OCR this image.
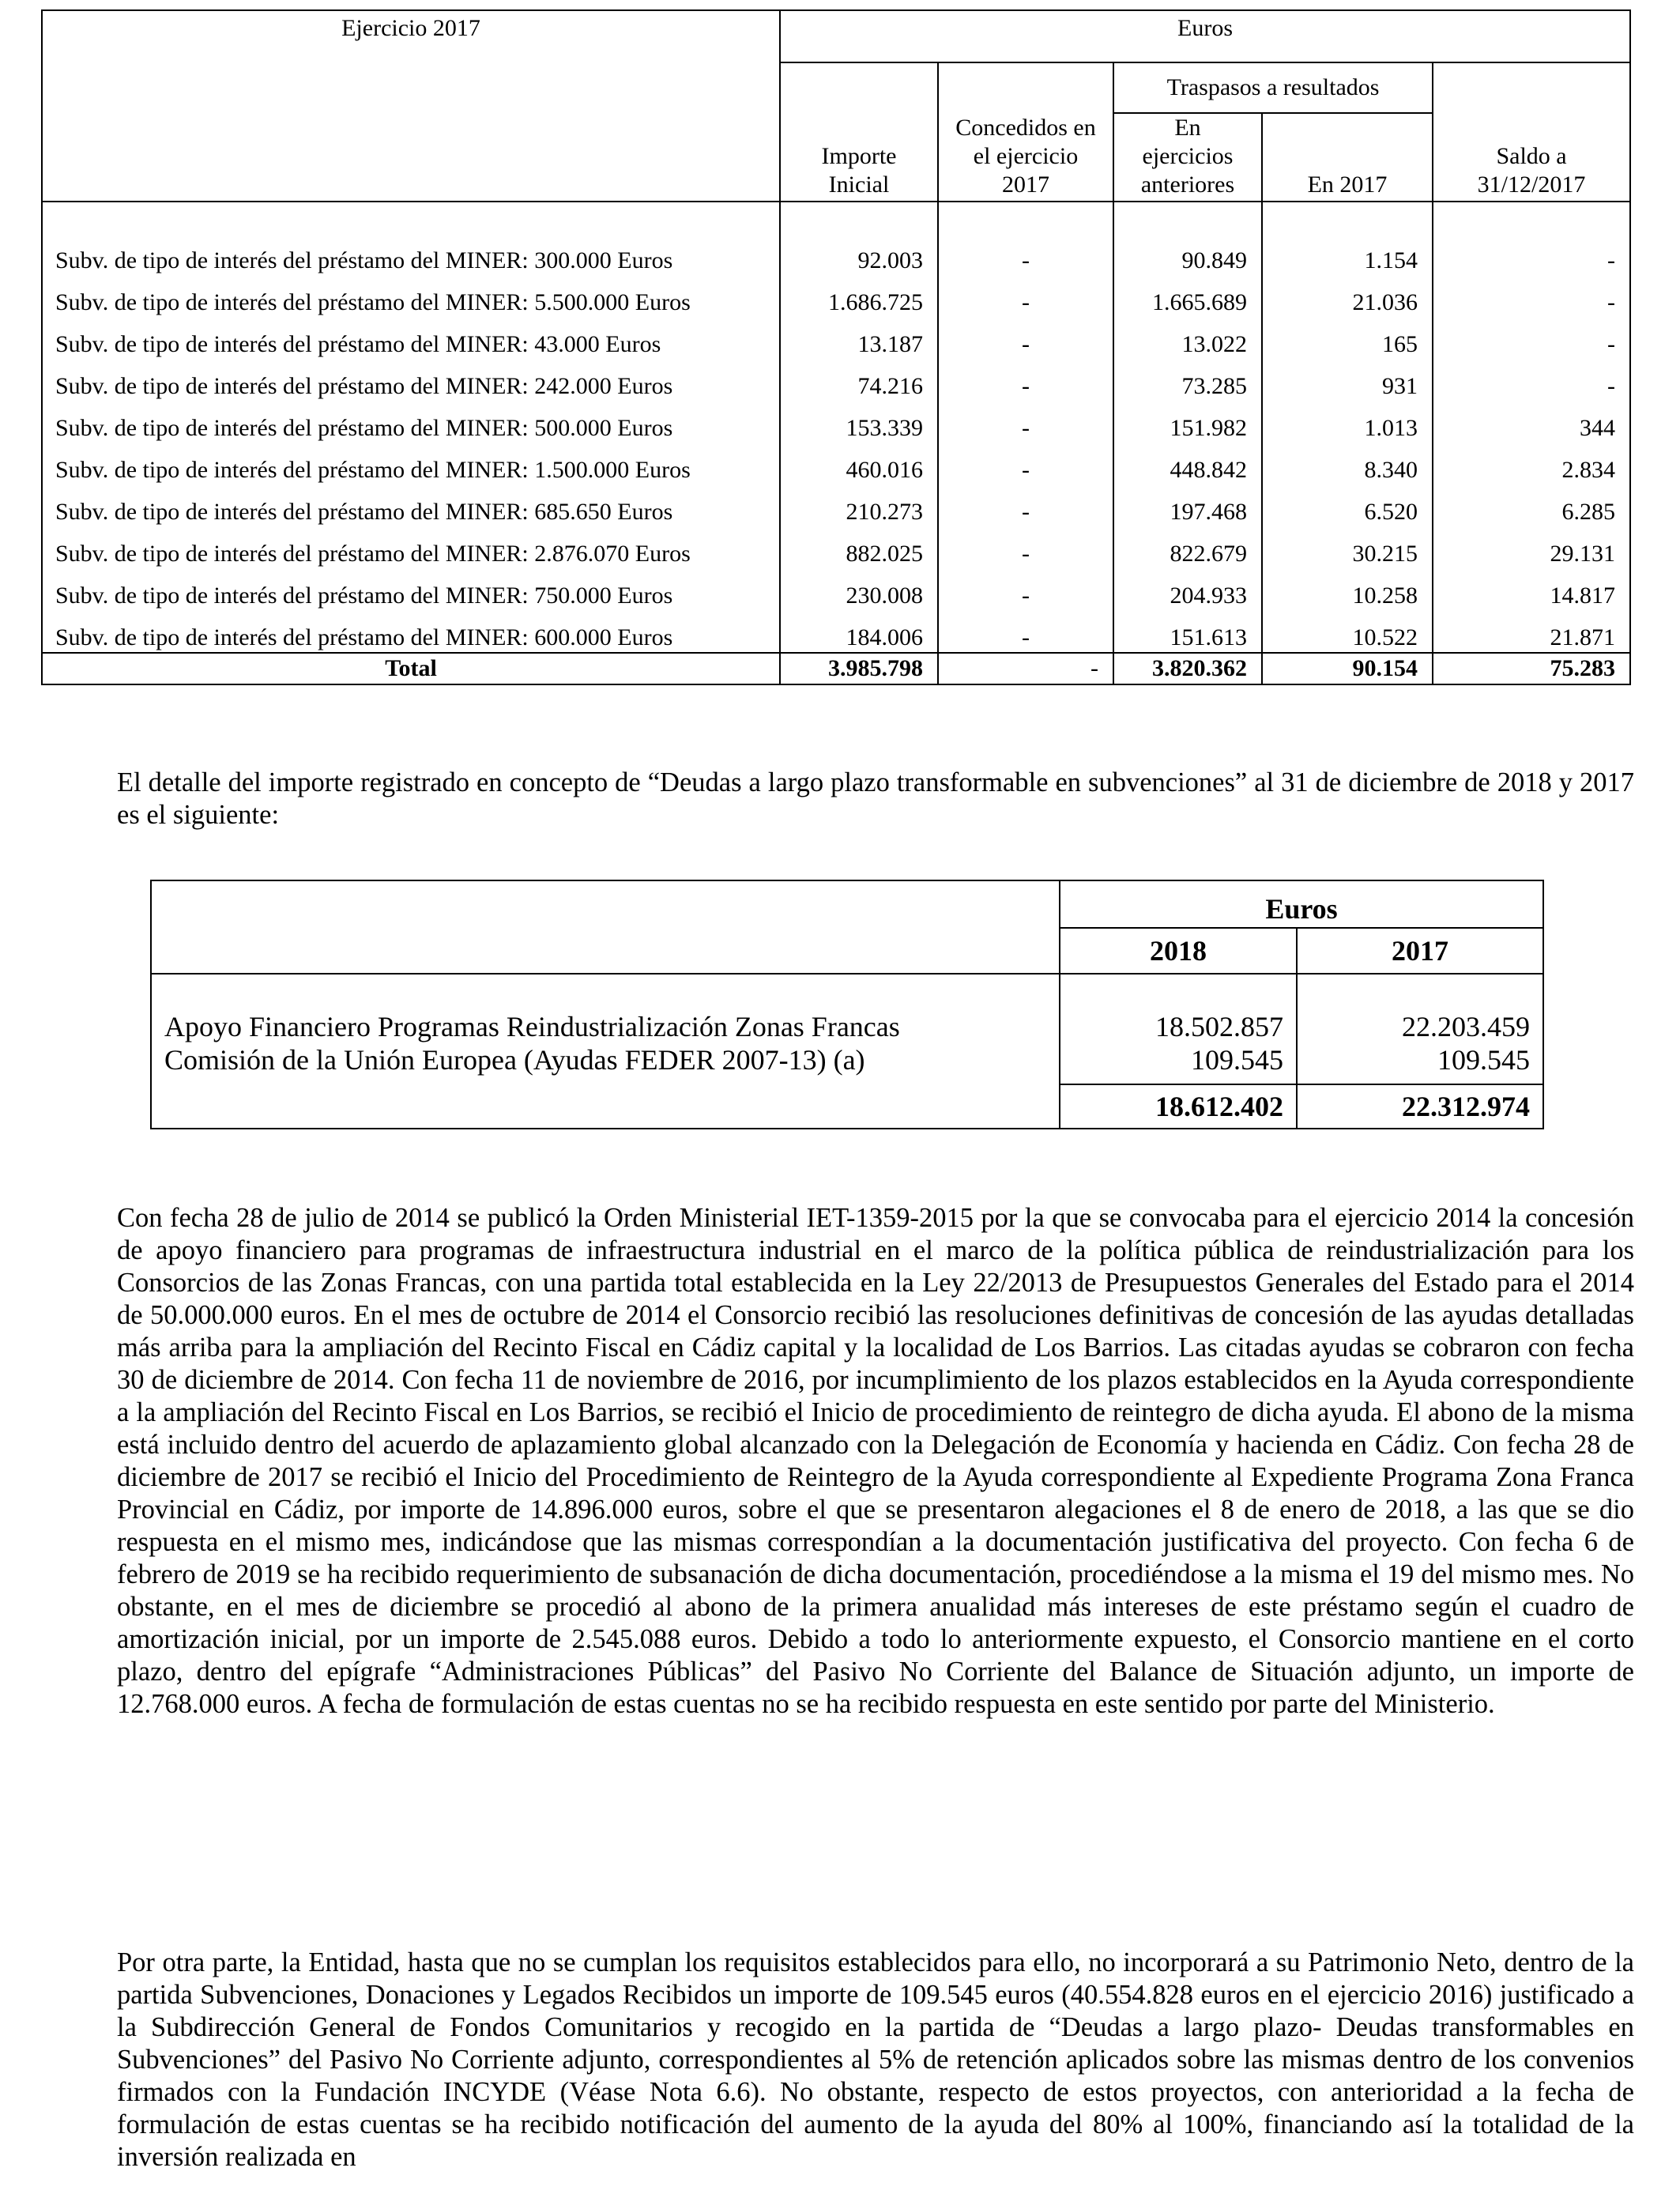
Ejercicio 2017	Euros				
	Importe Inicial	Concedidos en el ejercicio 2017	Traspasos a resultados		Saldo a 31/12/2017
			En ejercicios anteriores	En 2017	

Subv. de tipo de interés del préstamo del MINER: 300.000 Euros	92.003	-	90.849	1.154	-
Subv. de tipo de interés del préstamo del MINER: 5.500.000 Euros	1.686.725	-	1.665.689	21.036	-
Subv. de tipo de interés del préstamo del MINER: 43.000 Euros	13.187	-	13.022	165	-
Subv. de tipo de interés del préstamo del MINER: 242.000 Euros	74.216	-	73.285	931	-
Subv. de tipo de interés del préstamo del MINER: 500.000 Euros	153.339	-	151.982	1.013	344
Subv. de tipo de interés del préstamo del MINER: 1.500.000 Euros	460.016	-	448.842	8.340	2.834
Subv. de tipo de interés del préstamo del MINER: 685.650 Euros	210.273	-	197.468	6.520	6.285
Subv. de tipo de interés del préstamo del MINER: 2.876.070 Euros	882.025	-	822.679	30.215	29.131
Subv. de tipo de interés del préstamo del MINER: 750.000 Euros	230.008	-	204.933	10.258	14.817
Subv. de tipo de interés del préstamo del MINER: 600.000 Euros	184.006	-	151.613	10.522	21.871
Total	3.985.798	-	3.820.362	90.154	75.283

El detalle del importe registrado en concepto de “Deudas a largo plazo transformable en subvenciones” al 31 de diciembre de 2018 y 2017 es el siguiente:

	Euros	
	2018	2017
Apoyo Financiero Programas Reindustrialización Zonas Francas	18.502.857	22.203.459
Comisión de la Unión Europea (Ayudas FEDER 2007-13) (a)	109.545	109.545
	18.612.402	22.312.974

Con fecha 28 de julio de 2014 se publicó la Orden Ministerial IET-1359-2015 por la que se convocaba para el ejercicio 2014 la concesión de apoyo financiero para programas de infraestructura industrial en el marco de la política pública de reindustrialización para los Consorcios de las Zonas Francas, con una partida total establecida en la Ley 22/2013 de Presupuestos Generales del Estado para el 2014 de 50.000.000 euros. En el mes de octubre de 2014 el Consorcio recibió las resoluciones definitivas de concesión de las ayudas detalladas más arriba para la ampliación del Recinto Fiscal en Cádiz capital y la localidad de Los Barrios. Las citadas ayudas se cobraron con fecha 30 de diciembre de 2014. Con fecha 11 de noviembre de 2016, por incumplimiento de los plazos establecidos en la Ayuda correspondiente a la ampliación del Recinto Fiscal en Los Barrios, se recibió el Inicio de procedimiento de reintegro de dicha ayuda. El abono de la misma está incluido dentro del acuerdo de aplazamiento global alcanzado con la Delegación de Economía y hacienda en Cádiz. Con fecha 28 de diciembre de 2017 se recibió el Inicio del Procedimiento de Reintegro de la Ayuda correspondiente al Expediente Programa Zona Franca Provincial en Cádiz, por importe de 14.896.000 euros, sobre el que se presentaron alegaciones el 8 de enero de 2018, a las que se dio respuesta en el mismo mes, indicándose que las mismas correspondían a la documentación justificativa del proyecto. Con fecha 6 de febrero de 2019 se ha recibido requerimiento de subsanación de dicha documentación, procediéndose a la misma el 19 del mismo mes. No obstante, en el mes de diciembre se procedió al abono de la primera anualidad más intereses de este préstamo según el cuadro de amortización inicial, por un importe de 2.545.088 euros. Debido a todo lo anteriormente expuesto, el Consorcio mantiene en el corto plazo, dentro del epígrafe “Administraciones Públicas” del Pasivo No Corriente del Balance de Situación adjunto, un importe de 12.768.000 euros. A fecha de formulación de estas cuentas no se ha recibido respuesta en este sentido por parte del Ministerio.

Por otra parte, la Entidad, hasta que no se cumplan los requisitos establecidos para ello, no incorporará a su Patrimonio Neto, dentro de la partida Subvenciones, Donaciones y Legados Recibidos un importe de 109.545 euros (40.554.828 euros en el ejercicio 2016) justificado a la Subdirección General de Fondos Comunitarios y recogido en la partida de “Deudas a largo plazo- Deudas transformables en Subvenciones” del Pasivo No Corriente adjunto, correspondientes al 5% de retención aplicados sobre las mismas dentro de los convenios firmados con la Fundación INCYDE (Véase Nota 6.6). No obstante, respecto de estos proyectos, con anterioridad a la fecha de formulación de estas cuentas se ha recibido notificación del aumento de la ayuda del 80% al 100%, financiando así la totalidad de la inversión realizada en
